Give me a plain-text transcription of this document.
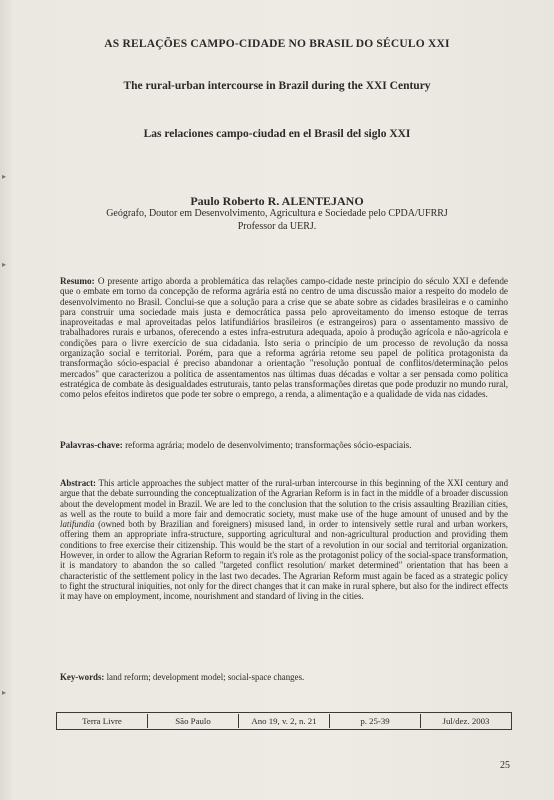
▸
▸
▸
AS RELAÇÕES CAMPO-CIDADE NO BRASIL DO SÉCULO XXI
The rural-urban intercourse in Brazil during the XXI Century
Las relaciones campo-ciudad en el Brasil del siglo XXI
Paulo Roberto R. ALENTEJANO
Geógrafo, Doutor em Desenvolvimento, Agricultura e Sociedade pelo CPDA/UFRRJ
Professor da UERJ.

Resumo: O presente artigo aborda a problemática das relações campo-cidade neste princípio do século XXI e defende que o embate em torno da concepção de reforma agrária está no centro de uma discussão maior a respeito do modelo de desenvolvimento no Brasil. Conclui-se que a solução para a crise que se abate sobre as cidades brasileiras e o caminho para construir uma sociedade mais justa e democrática passa pelo aproveitamento do imenso estoque de terras inaproveitadas e mal aproveitadas pelos latifundiários brasileiros (e estrangeiros) para o assentamento massivo de trabalhadores rurais e urbanos, oferecendo a estes infra-estrutura adequada, apoio à produção agrícola e não-agrícola e condições para o livre exercício de sua cidadania. Isto seria o princípio de um processo de revolução da nossa organização social e territorial. Porém, para que a reforma agrária retome seu papel de política protagonista da transformação sócio-espacial é preciso abandonar a orientação "resolução pontual de conflitos/determinação pelos mercados" que caracterizou a política de assentamentos nas últimas duas décadas e voltar a ser pensada como política estratégica de combate às desigualdades estruturais, tanto pelas transformações diretas que pode produzir no mundo rural, como pelos efeitos indiretos que pode ter sobre o emprego, a renda, a alimentação e a qualidade de vida nas cidades.

Palavras-chave: reforma agrária; modelo de desenvolvimento; transformações sócio-espaciais.

Abstract: This article approaches the subject matter of the rural-urban intercourse in this beginning of the XXI century and argue that the debate surrounding the conceptualization of the Agrarian Reform is in fact in the middle of a broader discussion about the development model in Brazil. We are led to the conclusion that the solution to the crisis assaulting Brazilian cities, as well as the route to build a more fair and democratic society, must make use of the huge amount of unused and by the latifundia (owned both by Brazilian and foreigners) misused land, in order to intensively settle rural and urban workers, offering them an appropriate infra-structure, supporting agricultural and non-agricultural production and providing them conditions to free exercise their citizenship. This would be the start of a revolution in our social and territorial organization. However, in order to allow the Agrarian Reform to regain it's role as the protagonist policy of the social-space transformation, it is mandatory to abandon the so called "targeted conflict resolution/ market determined" orientation that has been a characteristic of the settlement policy in the last two decades. The Agrarian Reform must again be faced as a strategic policy to fight the structural iniquities, not only for the direct changes that it can make in rural sphere, but also for the indirect effects it may have on employment, income, nourishment and standard of living in the cities.

Key-words: land reform; development model; social-space changes.

Terra Livre	São Paulo	Ano 19, v. 2, n. 21	p. 25-39	Jul/dez. 2003
25
